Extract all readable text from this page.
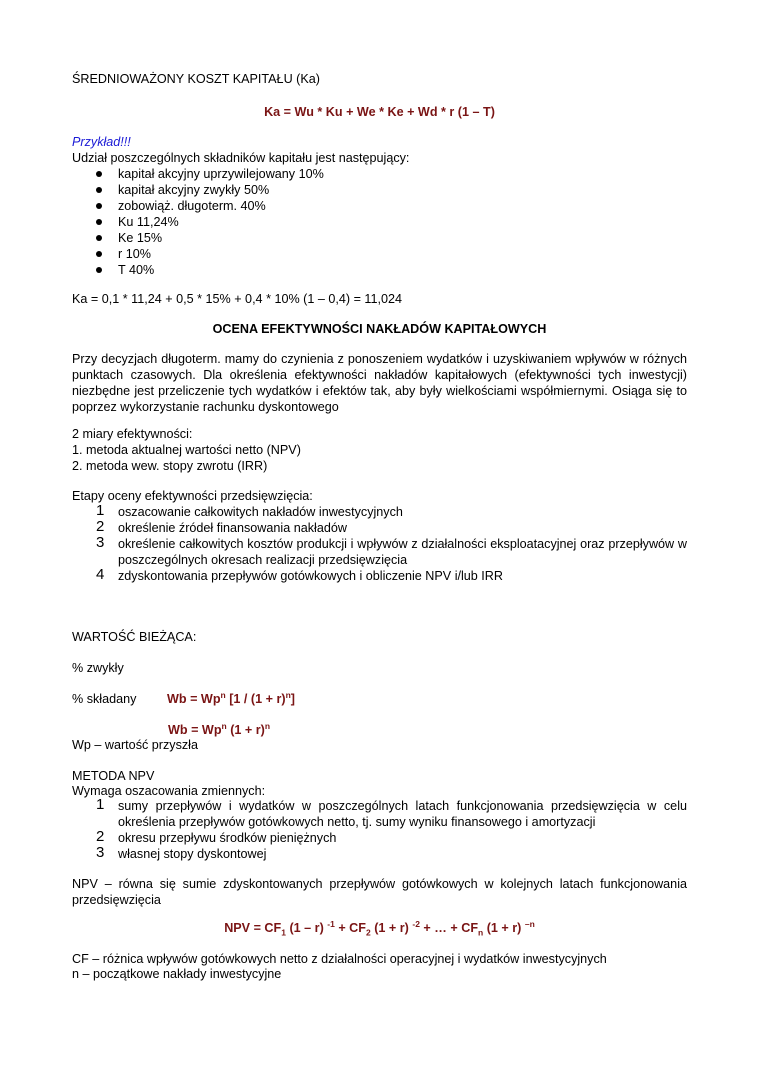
ŚREDNIOWAŻONY KOSZT KAPITAŁU (Ka)
Ka = Wu * Ku + We * Ke + Wd * r (1 – T)
Przykład!!!
Udział poszczególnych składników kapitału jest następujący:
kapitał akcyjny uprzywilejowany 10%
kapitał akcyjny zwykły 50%
zobowiąż. długoterm. 40%
Ku 11,24%
Ke 15%
r 10%
T 40%
Ka = 0,1 * 11,24 + 0,5 * 15% + 0,4 * 10% (1 – 0,4) = 11,024
OCENA EFEKTYWNOŚCI NAKŁADÓW KAPITAŁOWYCH
Przy decyzjach długoterm. mamy do czynienia z ponoszeniem wydatków i uzyskiwaniem wpływów w różnych punktach czasowych. Dla określenia efektywności nakładów kapitałowych (efektywności tych inwestycji) niezbędne jest przeliczenie tych wydatków i efektów tak, aby były wielkościami współmiernymi. Osiąga się to poprzez wykorzystanie rachunku dyskontowego
2 miary efektywności:
1. metoda aktualnej wartości netto (NPV)
2. metoda wew. stopy zwrotu (IRR)
Etapy oceny efektywności przedsięwzięcia:
1 oszacowanie całkowitych nakładów inwestycyjnych
2 określenie źródeł finansowania nakładów
3 określenie całkowitych kosztów produkcji i wpływów z działalności eksploatacyjnej oraz przepływów w poszczególnych okresach realizacji przedsięwzięcia
4 zdyskontowania przepływów gotówkowych i obliczenie NPV i/lub IRR
WARTOŚĆ BIEŻĄCA:
% zwykły
% składany $Wb = Wp^n$ $[1 / (1 + r)^n]$
$Wb = Wp^n$ $(1 + r)^n$
Wp – wartość przyszła
METODA NPV
Wymaga oszacowania zmiennych:
1 sumy przepływów i wydatków w poszczególnych latach funkcjonowania przedsięwzięcia w celu określenia przepływów gotówkowych netto, tj. sumy wyniku finansowego i amortyzacji
2 okresu przepływu środków pieniężnych
3 własnej stopy dyskontowej
NPV – równa się sumie zdyskontowanych przepływów gotówkowych w kolejnych latach funkcjonowania przedsięwzięcia
NPV = $CF_1$ (1 – r) $^{-1} + CF_2$ (1 + r) $^{-2}$ + … + $CF_n$ (1 + r) $^{-n}$
CF – różnica wpływów gotówkowych netto z działalności operacyjnej i wydatków inwestycyjnych
n – początkowe nakłady inwestycyjne
